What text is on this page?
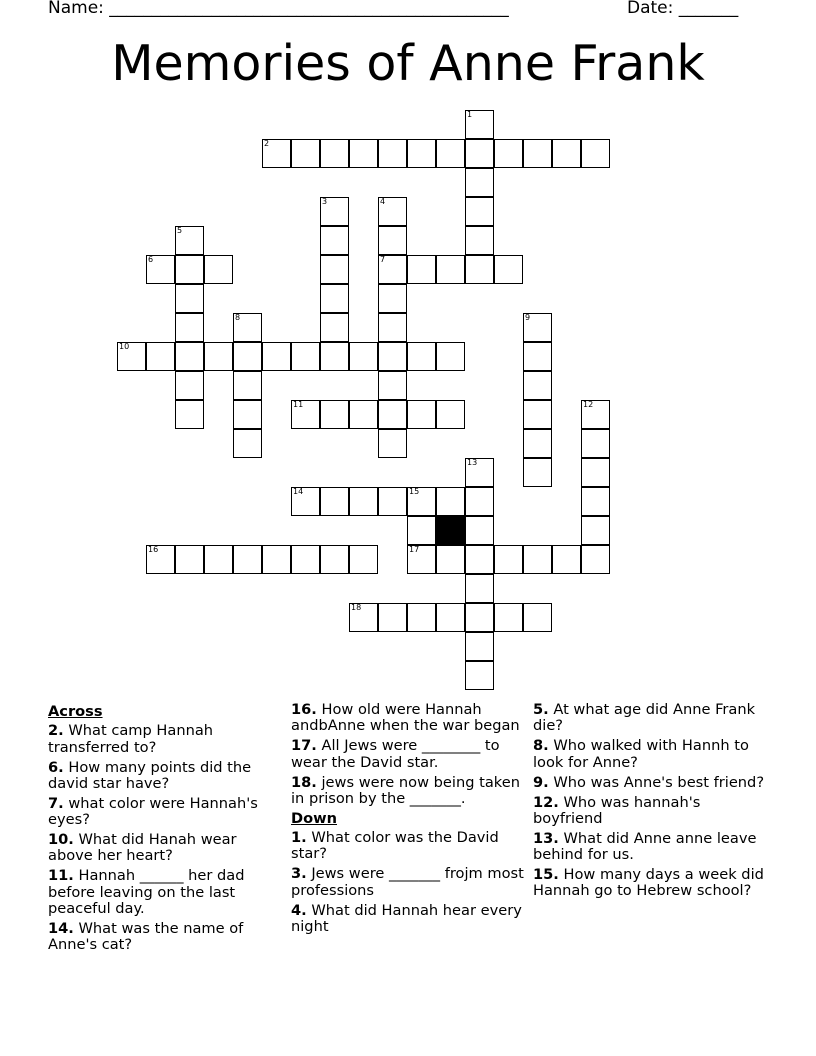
Name: _______________________________________________	Date: _______
Memories of Anne Frank
1
2
3	4
7
5
6
8	9
10
11	12
13
14	15
17
16
18
Across
2. What camp Hannah transferred to?
6. How many points did the david star have?
7. what color were Hannah's eyes?
10. What did Hanah wear above her heart?
11. Hannah ______ her dad before leaving on the last peaceful day.
14. What was the name of Anne's cat?
16. How old were Hannah andbAnne when the war began
17. All Jews were ________ to wear the David star.
18. jews were now being taken in prison by the _______.
Down
1. What color was the David star?
3. Jews were _______ frojm most professions
4. What did Hannah hear every night
5. At what age did Anne Frank die?
8. Who walked with Hannh to look for Anne?
9. Who was Anne's best friend?
12. Who was hannah's boyfriend
13. What did Anne anne leave behind for us.
15. How many days a week did Hannah go to Hebrew school?
